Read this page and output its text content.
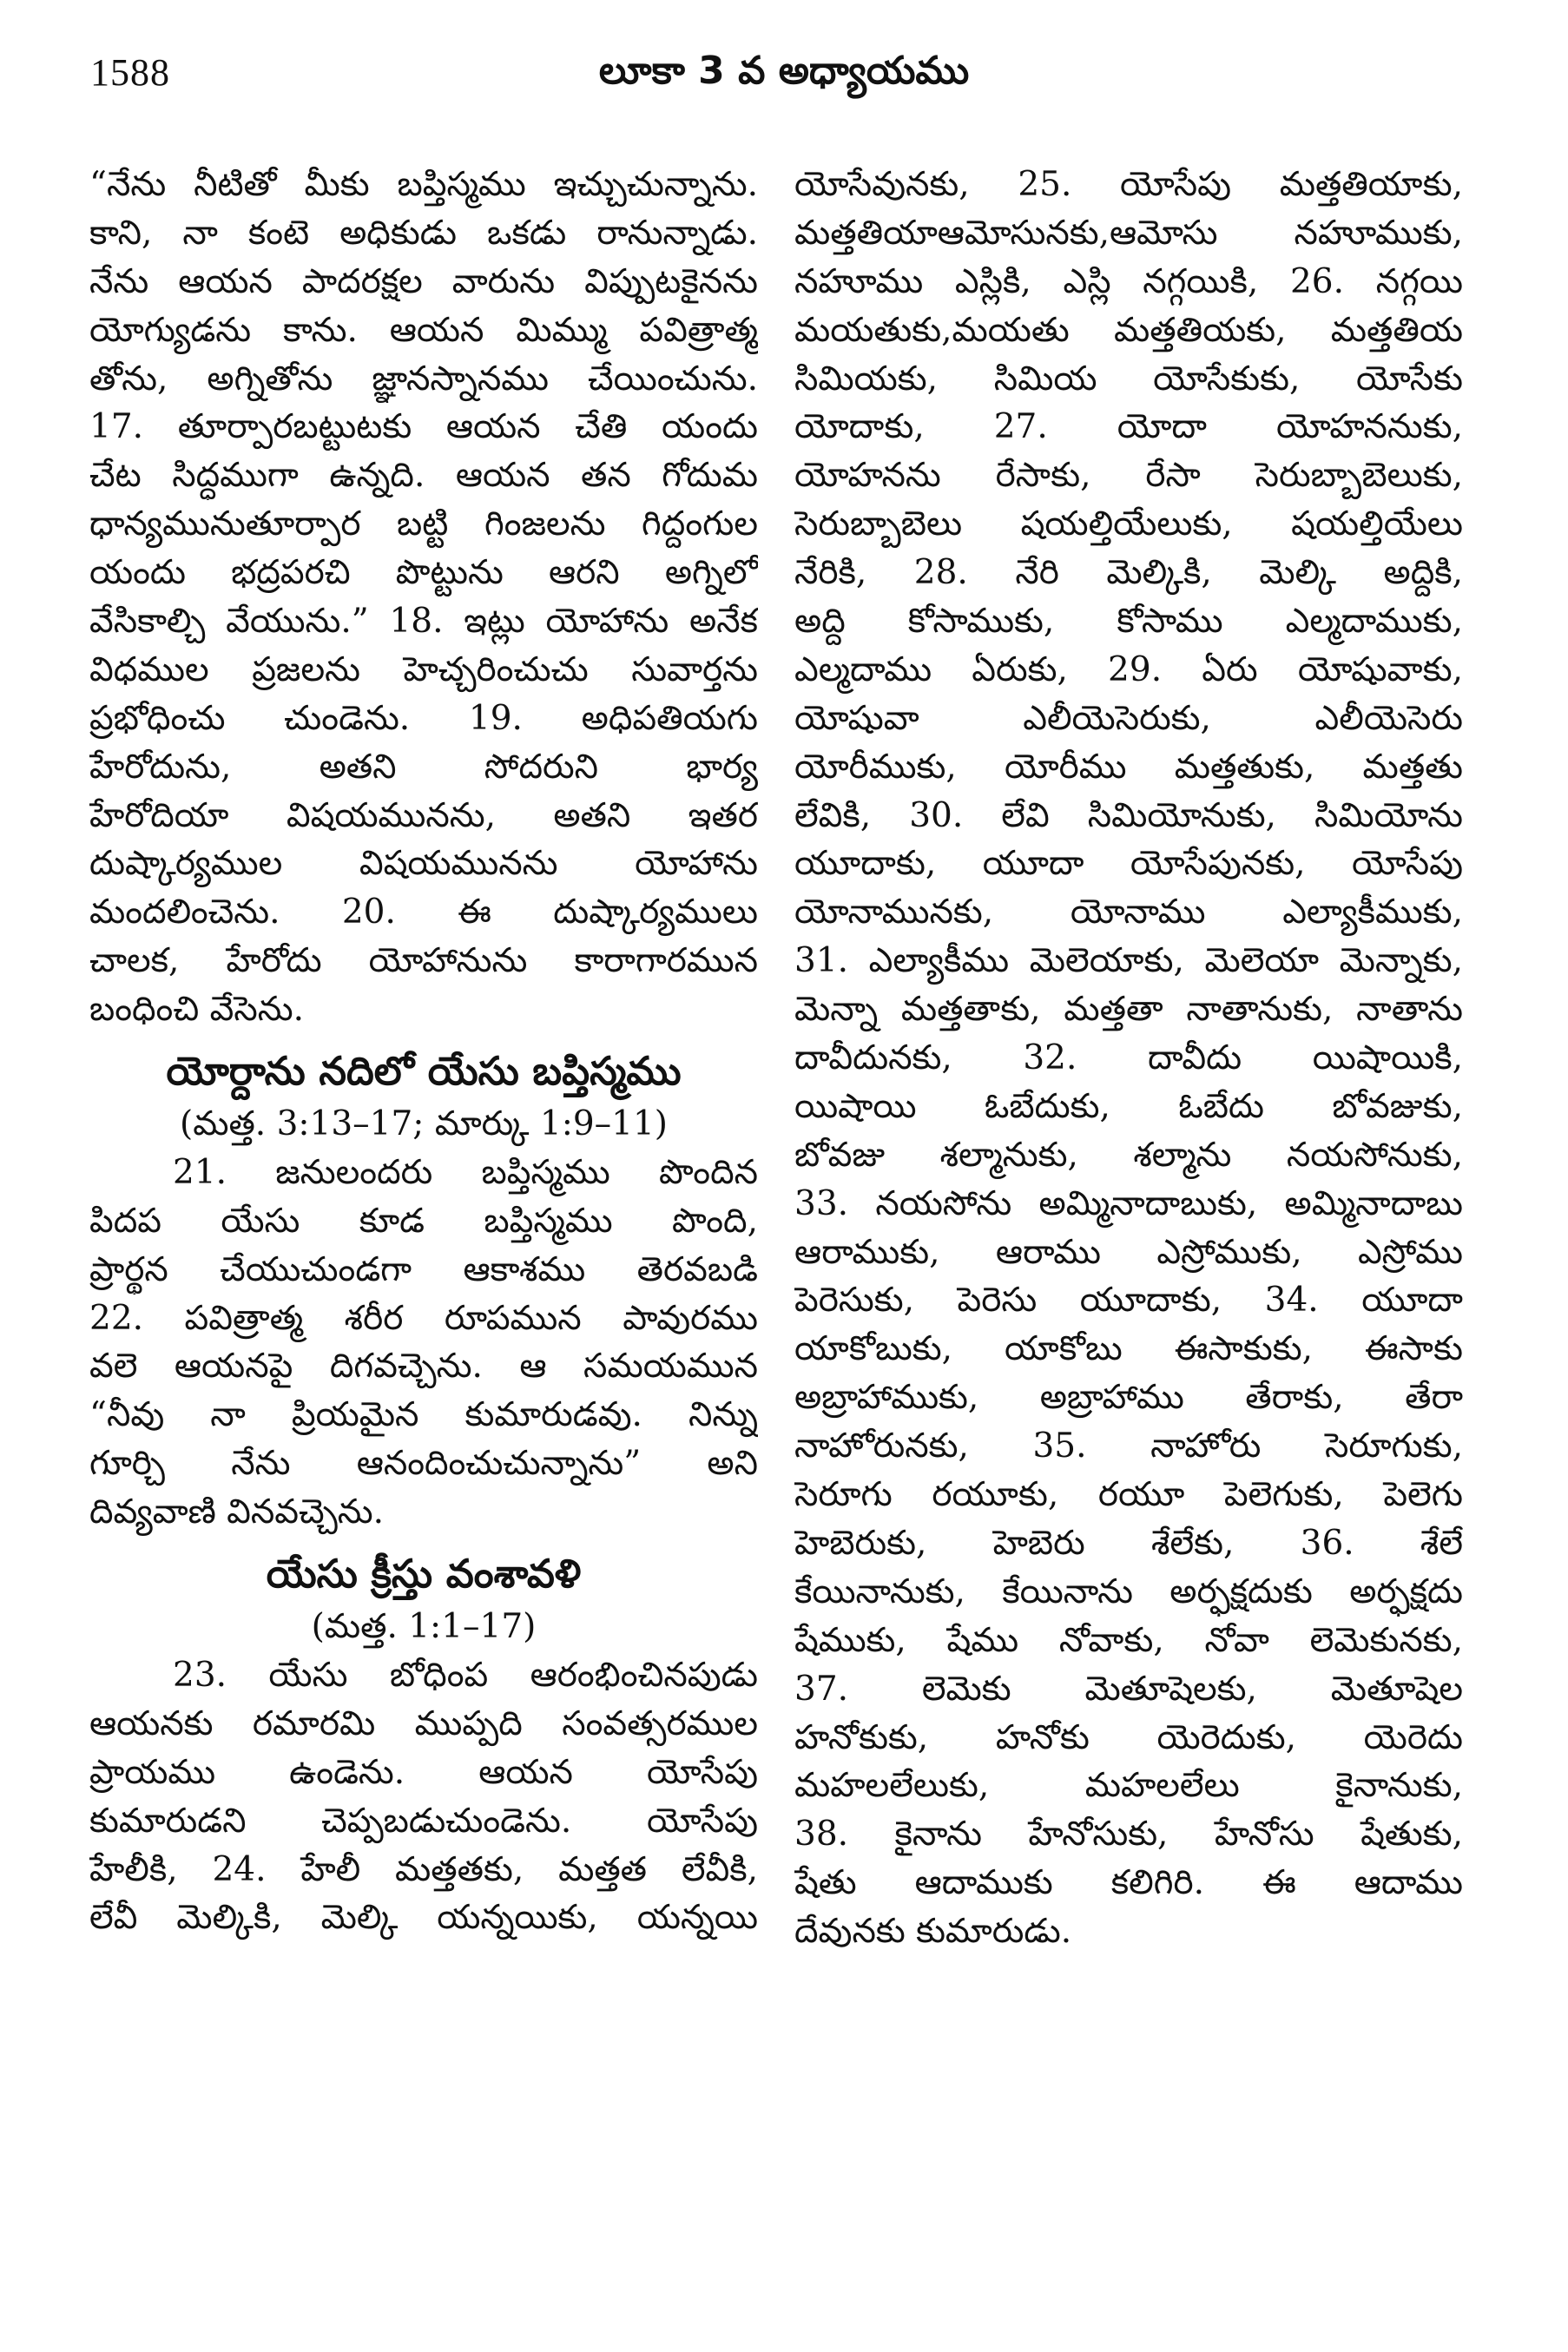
1588	లూకా 3 వ అధ్యాయము
“నేను నీటితో మీకు బప్తిస్మము ఇచ్చుచున్నాను.
కాని, నా కంటె అధికుడు ఒకడు రానున్నాడు.
నేను ఆయన పాదరక్షల వారును విప్పుటకైనను
యోగ్యుడను కాను. ఆయన మిమ్ము పవిత్రాత్మ
తోను, అగ్నితోను జ్ఞానస్నానము చేయించును.
17. తూర్పారబట్టుటకు ఆయన చేతి యందు
చేట సిద్ధముగా ఉన్నది. ఆయన తన గోదుమ
ధాన్యమునుతూర్పార బట్టి గింజలను గిద్దంగుల
యందు భద్రపరచి పొట్టును ఆరని అగ్నిలో
వేసికాల్చి వేయును.” 18. ఇట్లు యోహాను అనేక
విధముల ప్రజలను హెచ్చరించుచు సువార్తను
ప్రభోధించు చుండెను. 19. అధిపతియగు
హేరోదును, అతని సోదరుని భార్య
హేరోదియా విషయమునను, అతని ఇతర
దుష్కార్యముల విషయమునను యోహాను
మందలించెను. 20. ఈ దుష్కార్యములు
చాలక, హేరోదు యోహానును కారాగారమున
బంధించి వేసెను.
యోర్దాను నదిలో యేసు బప్తిస్మము
(మత్త. 3:13–17; మార్కు 1:9–11)
21. జనులందరు బప్తిస్మము పొందిన
పిదప యేసు కూడ బప్తిస్మము పొంది,
ప్రార్థన చేయుచుండగా ఆకాశము తెరవబడి
22. పవిత్రాత్మ శరీర రూపమున పావురము
వలె ఆయనపై దిగవచ్చెను. ఆ సమయమున
“నీవు నా ప్రియమైన కుమారుడవు. నిన్ను
గూర్చి నేను ఆనందించుచున్నాను” అని
దివ్యవాణి వినవచ్చెను.
యేసు క్రీస్తు వంశావళి
(మత్త. 1:1–17)
23. యేసు బోధింప ఆరంభించినపుడు
ఆయనకు రమారమి ముప్పది సంవత్సరముల
ప్రాయము ఉండెను. ఆయన యోసేపు
కుమారుడని చెప్పబడుచుండెను. యోసేపు
హేలీకి, 24. హేలీ మత్తతకు, మత్తత లేవీకి,
లేవీ మెల్కికి, మెల్కి యన్నయికు, యన్నయి
యోసేవునకు, 25. యోసేపు మత్తతియాకు,
మత్తతియాఆమోసునకు,ఆమోసు నహూముకు,
నహూము ఎస్లికి, ఎస్లి నగ్గయికి, 26. నగ్గయి
మయతుకు,మయతు మత్తతియకు, మత్తతియ
సిమియకు, సిమియ యోసేకుకు, యోసేకు
యోదాకు, 27. యోదా యోహననుకు,
యోహనను రేసాకు, రేసా సెరుబ్బాబెలుకు,
సెరుబ్బాబెలు షయల్తియేలుకు, షయల్తియేలు
నేరికి, 28. నేరి మెల్కికి, మెల్కి అద్దికి,
అద్ది కోసాముకు, కోసాము ఎల్మదాముకు,
ఎల్మదాము ఏరుకు, 29. ఏరు యోషువాకు,
యోషువా ఎలీయెసెరుకు, ఎలీయెసెరు
యోరీముకు, యోరీము మత్తతుకు, మత్తతు
లేవికి, 30. లేవి సిమియోనుకు, సిమియోను
యూదాకు, యూదా యోసేపునకు, యోసేపు
యోనామునకు, యోనాము ఎల్యాకీముకు,
31. ఎల్యాకీము మెలెయాకు, మెలెయా మెన్నాకు,
మెన్నా మత్తతాకు, మత్తతా నాతానుకు, నాతాను
దావీదునకు, 32. దావీదు యిషాయికి,
యిషాయి ఓబేదుకు, ఓబేదు బోవజుకు,
బోవజు శల్మానుకు, శల్మాను నయసోనుకు,
33. నయసోను అమ్మినాదాబుకు, అమ్మినాదాబు
ఆరాముకు, ఆరాము ఎస్రోముకు, ఎస్రోము
పెరెసుకు, పెరెసు యూదాకు, 34. యూదా
యాకోబుకు, యాకోబు ఈసాకుకు, ఈసాకు
అబ్రాహాముకు, అబ్రాహాము తేరాకు, తేరా
నాహోరునకు, 35. నాహోరు సెరూగుకు,
సెరూగు రయూకు, రయూ పెలెగుకు, పెలెగు
హెబెరుకు, హెబెరు శేలేకు, 36. శేలే
కేయినానుకు, కేయినాను అర్ఫక్షదుకు అర్ఫక్షదు
షేముకు, షేము నోవాకు, నోవా లెమెకునకు,
37. లెమెకు మెతూషెలకు, మెతూషెల
హనోకుకు, హనోకు యెరెదుకు, యెరెదు
మహలలేలుకు, మహలలేలు కైనానుకు,
38. కైనాను హేనోసుకు, హేనోసు షేతుకు,
షేతు ఆదాముకు కలిగిరి. ఈ ఆదాము
దేవునకు కుమారుడు.
